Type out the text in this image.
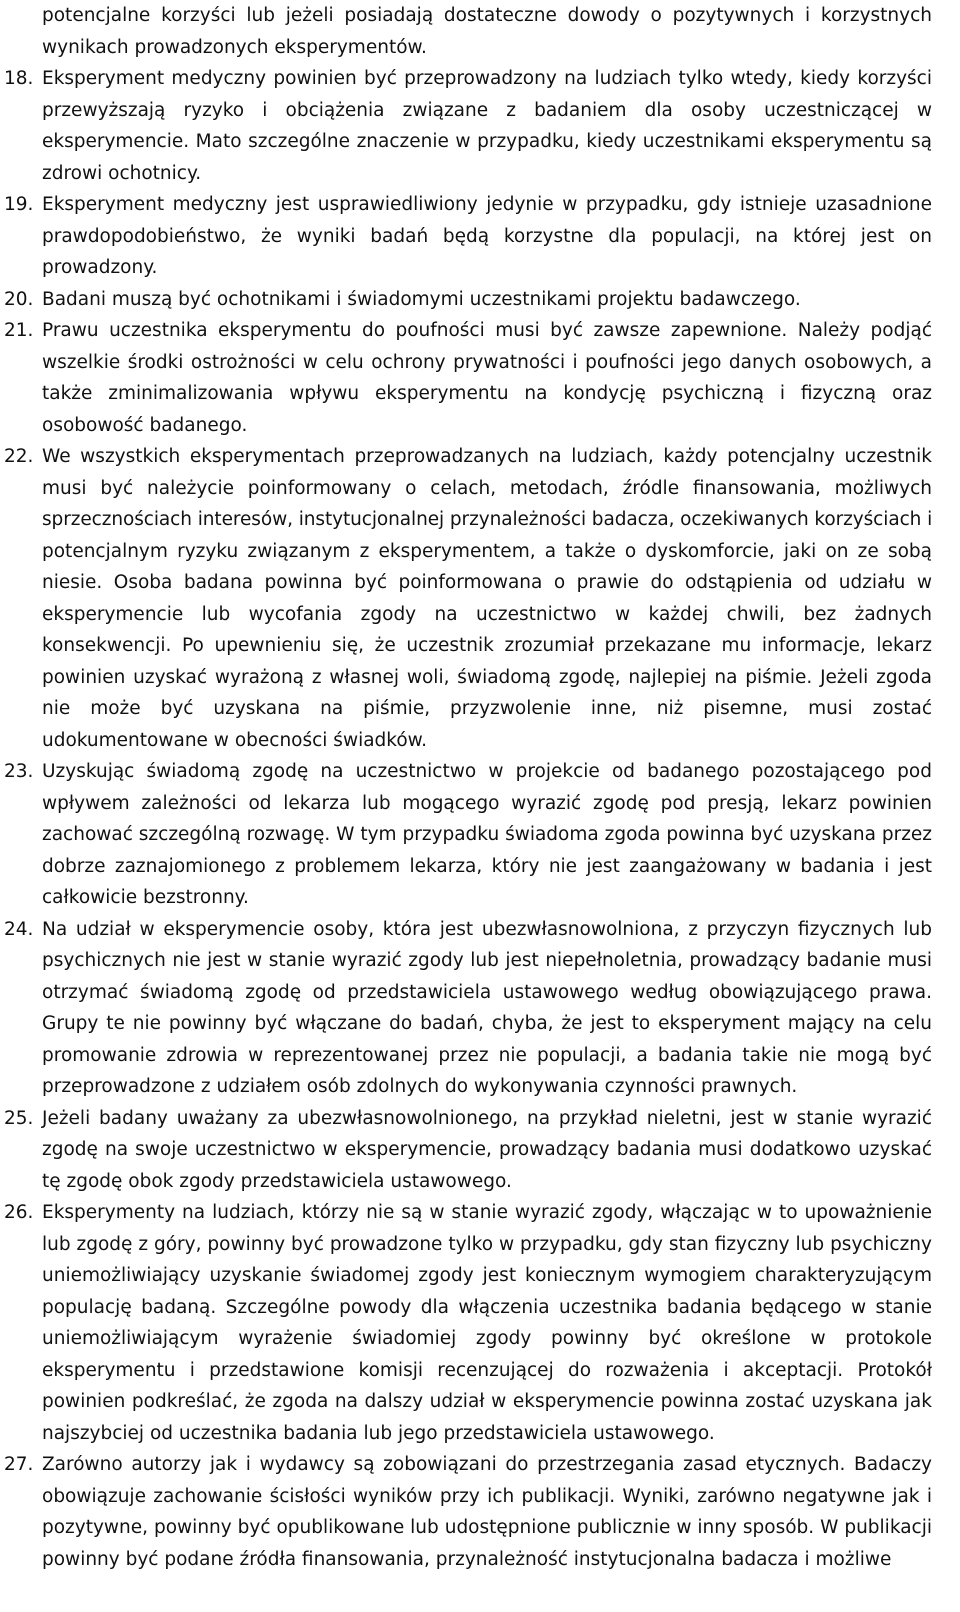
potencjalne korzyści lub jeżeli posiadają dostateczne dowody o pozytywnych i korzystnych
wynikach prowadzonych eksperymentów.
18. Eksperyment medyczny powinien być przeprowadzony na ludziach tylko wtedy, kiedy korzyści
przewyższają ryzyko i obciążenia związane z badaniem dla osoby uczestniczącej w
eksperymencie. Mato szczególne znaczenie w przypadku, kiedy uczestnikami eksperymentu są
zdrowi ochotnicy.
19. Eksperyment medyczny jest usprawiedliwiony jedynie w przypadku, gdy istnieje uzasadnione
prawdopodobieństwo, że wyniki badań będą korzystne dla populacji, na której jest on
prowadzony.
20. Badani muszą być ochotnikami i świadomymi uczestnikami projektu badawczego.
21. Prawu uczestnika eksperymentu do poufności musi być zawsze zapewnione. Należy podjąć
wszelkie środki ostrożności w celu ochrony prywatności i poufności jego danych osobowych, a
także zminimalizowania wpływu eksperymentu na kondycję psychiczną i fizyczną oraz
osobowość badanego.
22. We wszystkich eksperymentach przeprowadzanych na ludziach, każdy potencjalny uczestnik
musi być należycie poinformowany o celach, metodach, źródle finansowania, możliwych
sprzecznościach interesów, instytucjonalnej przynależności badacza, oczekiwanych korzyściach i
potencjalnym ryzyku związanym z eksperymentem, a także o dyskomforcie, jaki on ze sobą
niesie. Osoba badana powinna być poinformowana o prawie do odstąpienia od udziału w
eksperymencie lub wycofania zgody na uczestnictwo w każdej chwili, bez żadnych
konsekwencji. Po upewnieniu się, że uczestnik zrozumiał przekazane mu informacje, lekarz
powinien uzyskać wyrażoną z własnej woli, świadomą zgodę, najlepiej na piśmie. Jeżeli zgoda
nie może być uzyskana na piśmie, przyzwolenie inne, niż pisemne, musi zostać
udokumentowane w obecności świadków.
23. Uzyskując świadomą zgodę na uczestnictwo w projekcie od badanego pozostającego pod
wpływem zależności od lekarza lub mogącego wyrazić zgodę pod presją, lekarz powinien
zachować szczególną rozwagę. W tym przypadku świadoma zgoda powinna być uzyskana przez
dobrze zaznajomionego z problemem lekarza, który nie jest zaangażowany w badania i jest
całkowicie bezstronny.
24. Na udział w eksperymencie osoby, która jest ubezwłasnowolniona, z przyczyn fizycznych lub
psychicznych nie jest w stanie wyrazić zgody lub jest niepełnoletnia, prowadzący badanie musi
otrzymać świadomą zgodę od przedstawiciela ustawowego według obowiązującego prawa.
Grupy te nie powinny być włączane do badań, chyba, że jest to eksperyment mający na celu
promowanie zdrowia w reprezentowanej przez nie populacji, a badania takie nie mogą być
przeprowadzone z udziałem osób zdolnych do wykonywania czynności prawnych.
25. Jeżeli badany uważany za ubezwłasnowolnionego, na przykład nieletni, jest w stanie wyrazić
zgodę na swoje uczestnictwo w eksperymencie, prowadzący badania musi dodatkowo uzyskać
tę zgodę obok zgody przedstawiciela ustawowego.
26. Eksperymenty na ludziach, którzy nie są w stanie wyrazić zgody, włączając w to upoważnienie
lub zgodę z góry, powinny być prowadzone tylko w przypadku, gdy stan fizyczny lub psychiczny
uniemożliwiający uzyskanie świadomej zgody jest koniecznym wymogiem charakteryzującym
populację badaną. Szczególne powody dla włączenia uczestnika badania będącego w stanie
uniemożliwiającym wyrażenie świadomiej zgody powinny być określone w protokole
eksperymentu i przedstawione komisji recenzującej do rozważenia i akceptacji. Protokół
powinien podkreślać, że zgoda na dalszy udział w eksperymencie powinna zostać uzyskana jak
najszybciej od uczestnika badania lub jego przedstawiciela ustawowego.
27. Zarówno autorzy jak i wydawcy są zobowiązani do przestrzegania zasad etycznych. Badaczy
obowiązuje zachowanie ścisłości wyników przy ich publikacji. Wyniki, zarówno negatywne jak i
pozytywne, powinny być opublikowane lub udostępnione publicznie w inny sposób. W publikacji
powinny być podane źródła finansowania, przynależność instytucjonalna badacza i możliwe
